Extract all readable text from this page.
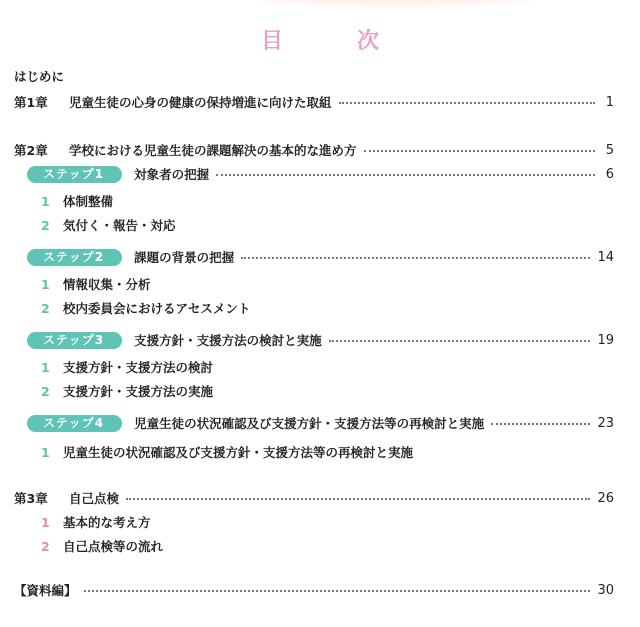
目　次
はじめに
第1章	児童生徒の心身の健康の保持増進に向けた取組	1
第2章	学校における児童生徒の課題解決の基本的な進め方	5
ステップ1	対象者の把握	6
1	体制整備
2	気付く・報告・対応
ステップ2	課題の背景の把握	14
1	情報収集・分析
2	校内委員会におけるアセスメント
ステップ3	支援方針・支援方法の検討と実施	19
1	支援方針・支援方法の検討
2	支援方針・支援方法の実施
ステップ4	児童生徒の状況確認及び支援方針・支援方法等の再検討と実施	23
1	児童生徒の状況確認及び支援方針・支援方法等の再検討と実施
第3章	自己点検	26
1	基本的な考え方
2	自己点検等の流れ
【資料編】	30
